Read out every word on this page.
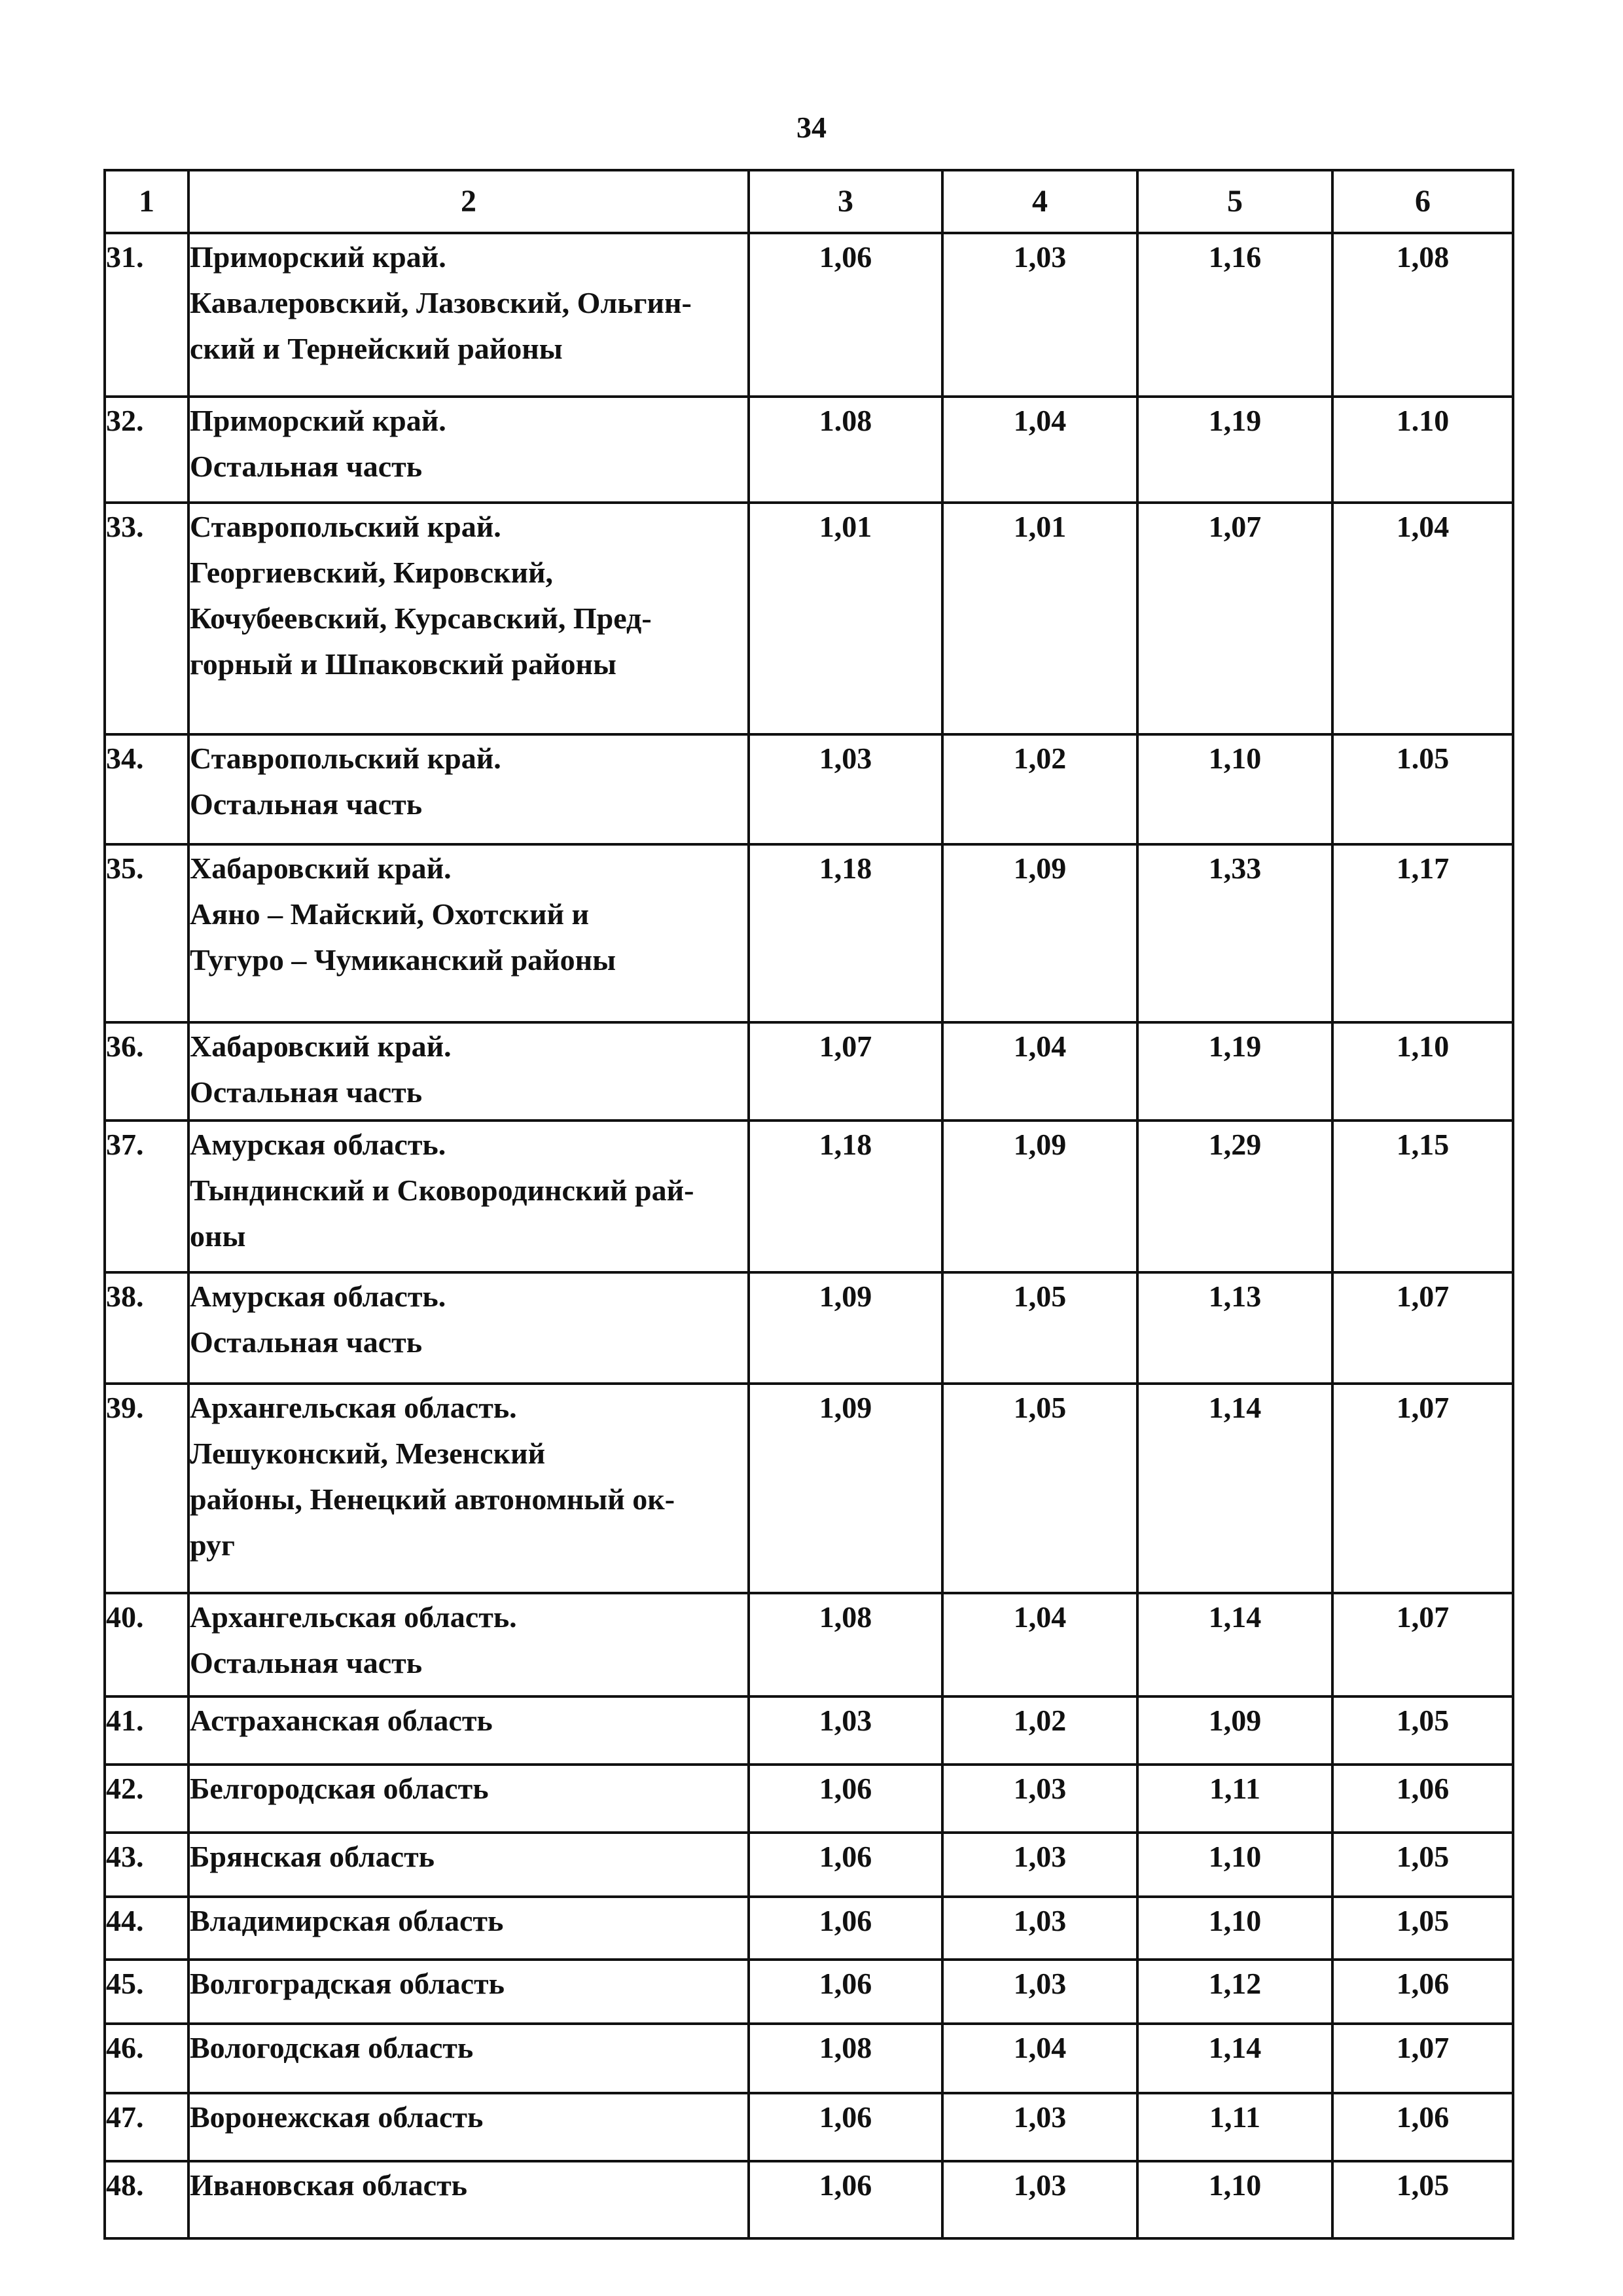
34
1	2	3	4	5	6
31.	Приморский край.
Кавалеровский, Лазовский, Ольгин-
ский и Тернейский районы	1,06	1,03	1,16	1,08
32.	Приморский край.
Остальная часть	1.08	1,04	1,19	1.10
33.	Ставропольский край.
Георгиевский, Кировский,
Кочубеевский, Курсавский, Пред-
горный и Шпаковский районы	1,01	1,01	1,07	1,04
34.	Ставропольский край.
Остальная часть	1,03	1,02	1,10	1.05
35.	Хабаровский край.
Аяно – Майский, Охотский и
Тугуро – Чумиканский районы	1,18	1,09	1,33	1,17
36.	Хабаровский край.
Остальная часть	1,07	1,04	1,19	1,10
37.	Амурская область.
Тындинский и Сковородинский рай-
оны	1,18	1,09	1,29	1,15
38.	Амурская область.
Остальная часть	1,09	1,05	1,13	1,07
39.	Архангельская область.
Лешуконский, Мезенский
районы, Ненецкий автономный ок-
руг	1,09	1,05	1,14	1,07
40.	Архангельская область.
Остальная часть	1,08	1,04	1,14	1,07
41.	Астраханская область	1,03	1,02	1,09	1,05
42.	Белгородская область	1,06	1,03	1,11	1,06
43.	Брянская область	1,06	1,03	1,10	1,05
44.	Владимирская область	1,06	1,03	1,10	1,05
45.	Волгоградская область	1,06	1,03	1,12	1,06
46.	Вологодская область	1,08	1,04	1,14	1,07
47.	Воронежская область	1,06	1,03	1,11	1,06
48.	Ивановская область	1,06	1,03	1,10	1,05
